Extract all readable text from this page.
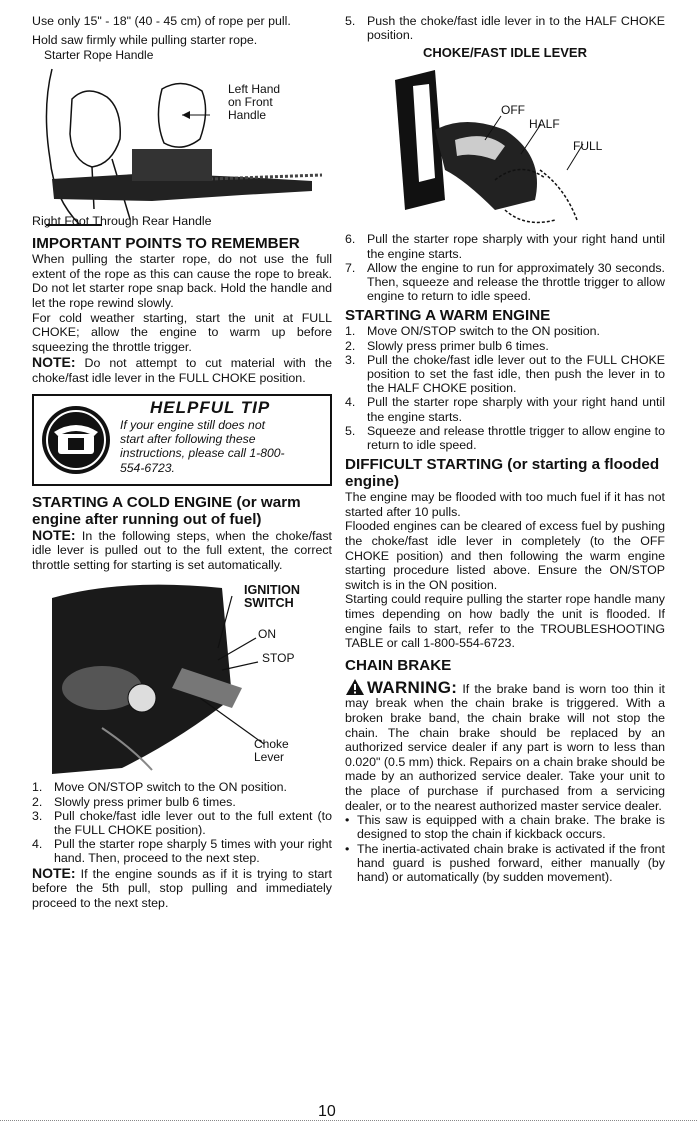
Use only 15" - 18" (40 - 45 cm) of rope per pull.

Hold saw firmly while pulling starter rope.

Starter Rope Handle
Left Hand
on Front
Handle
Right Foot Through Rear Handle
IMPORTANT POINTS TO REMEMBER

When pulling the starter rope, do not use the full extent of the rope as this can cause the rope to break. Do not let starter rope snap back. Hold the handle and let the rope rewind slowly.

For cold weather starting, start the unit at FULL CHOKE; allow the engine to warm up before squeezing the throttle trigger.

NOTE: Do not attempt to cut material with the choke/fast idle lever in the FULL CHOKE position.

HELPFUL TIP
If your engine still does not start after following these instructions, please call 1-800-554-6723.
STARTING A COLD ENGINE (or warm engine after running out of fuel)

NOTE: In the following steps, when the choke/fast idle lever is pulled out to the full extent, the correct throttle setting for starting is set automatically.

IGNITION
SWITCH
ON
STOP
Choke
Lever
1. Move ON/STOP switch to the ON position.
2. Slowly press primer bulb 6 times.
3. Pull choke/fast idle lever out to the full extent (to the FULL CHOKE position).
4. Pull the starter rope sharply 5 times with your right hand. Then, proceed to the next step.

NOTE: If the engine sounds as if it is trying to start before the 5th pull, stop pulling and immediately proceed to the next step.

5. Push the choke/fast idle lever in to the HALF CHOKE position.
CHOKE/FAST IDLE LEVER
OFF
HALF
FULL
6. Pull the starter rope sharply with your right hand until the engine starts.
7. Allow the engine to run for approximately 30 seconds. Then, squeeze and release the throttle trigger to allow engine to return to idle speed.
STARTING A WARM ENGINE
1. Move ON/STOP switch to the ON position.
2. Slowly press primer bulb 6 times.
3. Pull the choke/fast idle lever out to the FULL CHOKE position to set the fast idle, then push the lever in to the HALF CHOKE position.
4. Pull the starter rope sharply with your right hand until the engine starts.
5. Squeeze and release throttle trigger to allow engine to return to idle speed.
DIFFICULT STARTING (or starting a flooded engine)

The engine may be flooded with too much fuel if it has not started after 10 pulls.

Flooded engines can be cleared of excess fuel by pushing the choke/fast idle lever in completely (to the OFF CHOKE position) and then following the warm engine starting procedure listed above. Ensure the ON/STOP switch is in the ON position.

Starting could require pulling the starter rope handle many times depending on how badly the unit is flooded. If engine fails to start, refer to the TROUBLESHOOTING TABLE or call 1-800-554-6723.

CHAIN BRAKE

WARNING: If the brake band is worn too thin it may break when the chain brake is triggered. With a broken brake band, the chain brake will not stop the chain. The chain brake should be replaced by an authorized service dealer if any part is worn to less than 0.020" (0.5 mm) thick. Repairs on a chain brake should be made by an authorized service dealer. Take your unit to the place of purchase if purchased from a servicing dealer, or to the nearest authorized master service dealer.

• This saw is equipped with a chain brake. The brake is designed to stop the chain if kickback occurs.
• The inertia-activated chain brake is activated if the front hand guard is pushed forward, either manually (by hand) or automatically (by sudden movement).
10
